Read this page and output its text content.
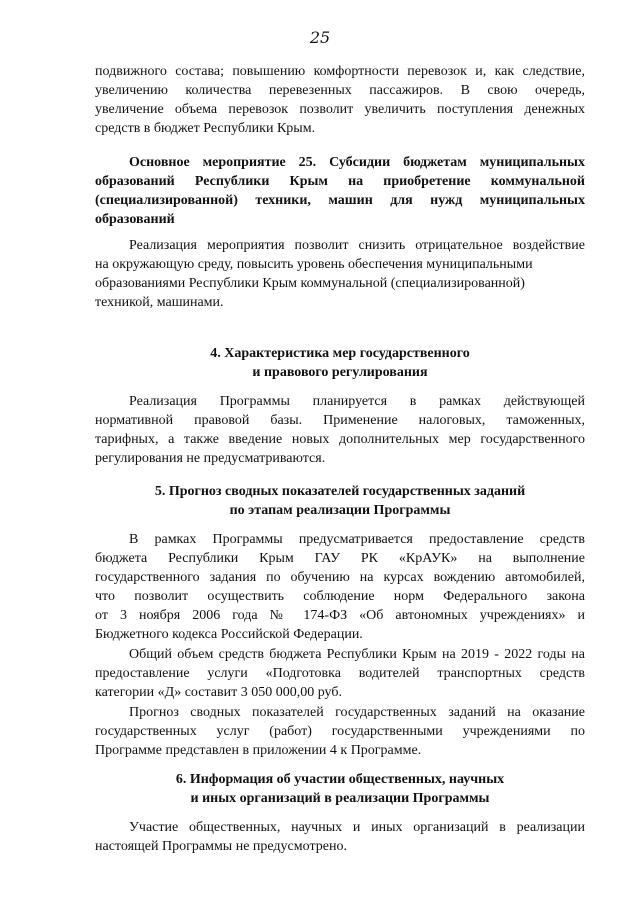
25
подвижного состава; повышению комфортности перевозок и, как следствие,
увеличению количества перевезенных пассажиров. В свою очередь,
увеличение объема перевозок позволит увеличить поступления денежных
средств в бюджет Республики Крым.
Основное мероприятие 25. Субсидии бюджетам муниципальных
образований Республики Крым на приобретение коммунальной
(специализированной) техники, машин для нужд муниципальных
образований
Реализация мероприятия позволит снизить отрицательное воздействие
на окружающую среду, повысить уровень обеспечения муниципальными
образованиями Республики Крым коммунальной (специализированной)
техникой, машинами.
4. Характеристика мер государственного
и правового регулирования
Реализация Программы планируется в рамках действующей
нормативной правовой базы. Применение налоговых, таможенных,
тарифных, а также введение новых дополнительных мер государственного
регулирования не предусматриваются.
5. Прогноз сводных показателей государственных заданий
по этапам реализации Программы
В рамках Программы предусматривается предоставление средств
бюджета Республики Крым ГАУ РК «КрАУК» на выполнение
государственного задания по обучению на курсах вождению автомобилей,
что позволит осуществить соблюдение норм Федерального закона
от 3 ноября 2006 года № 174-ФЗ «Об автономных учреждениях» и
Бюджетного кодекса Российской Федерации.
Общий объем средств бюджета Республики Крым на 2019 - 2022 годы на
предоставление услуги «Подготовка водителей транспортных средств
категории «Д» составит 3 050 000,00 руб.
Прогноз сводных показателей государственных заданий на оказание
государственных услуг (работ) государственными учреждениями по
Программе представлен в приложении 4 к Программе.
6. Информация об участии общественных, научных
и иных организаций в реализации Программы
Участие общественных, научных и иных организаций в реализации
настоящей Программы не предусмотрено.
